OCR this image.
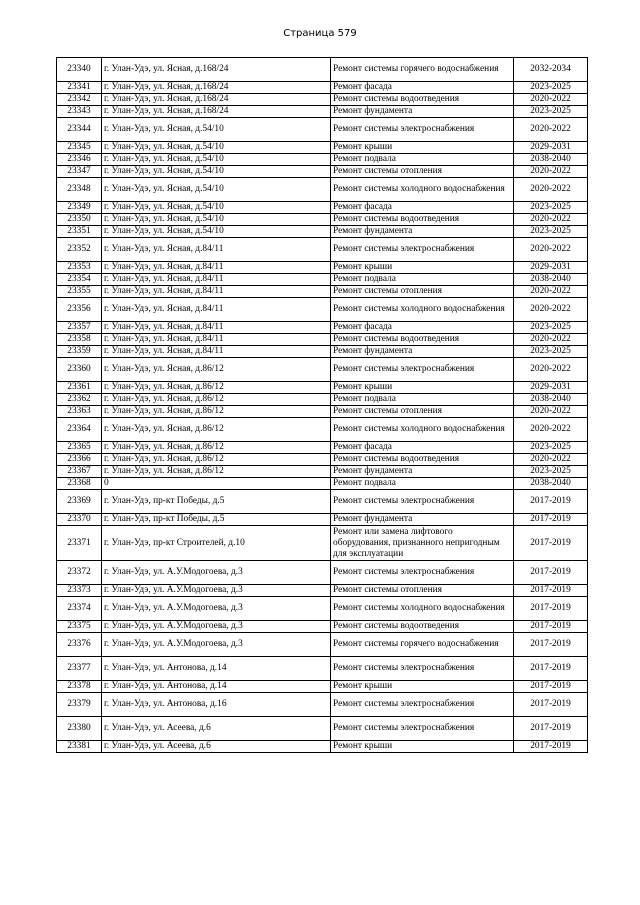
Страница 579
23340	г. Улан-Удэ, ул. Ясная, д.168/24	Ремонт системы горячего водоснабжения	2032-2034
23341	г. Улан-Удэ, ул. Ясная, д.168/24	Ремонт фасада	2023-2025
23342	г. Улан-Удэ, ул. Ясная, д.168/24	Ремонт системы водоотведения	2020-2022
23343	г. Улан-Удэ, ул. Ясная, д.168/24	Ремонт фундамента	2023-2025
23344	г. Улан-Удэ, ул. Ясная, д.54/10	Ремонт системы электроснабжения	2020-2022
23345	г. Улан-Удэ, ул. Ясная, д.54/10	Ремонт крыши	2029-2031
23346	г. Улан-Удэ, ул. Ясная, д.54/10	Ремонт подвала	2038-2040
23347	г. Улан-Удэ, ул. Ясная, д.54/10	Ремонт системы отопления	2020-2022
23348	г. Улан-Удэ, ул. Ясная, д.54/10	Ремонт системы холодного водоснабжения	2020-2022
23349	г. Улан-Удэ, ул. Ясная, д.54/10	Ремонт фасада	2023-2025
23350	г. Улан-Удэ, ул. Ясная, д.54/10	Ремонт системы водоотведения	2020-2022
23351	г. Улан-Удэ, ул. Ясная, д.54/10	Ремонт фундамента	2023-2025
23352	г. Улан-Удэ, ул. Ясная, д.84/11	Ремонт системы электроснабжения	2020-2022
23353	г. Улан-Удэ, ул. Ясная, д.84/11	Ремонт крыши	2029-2031
23354	г. Улан-Удэ, ул. Ясная, д.84/11	Ремонт подвала	2038-2040
23355	г. Улан-Удэ, ул. Ясная, д.84/11	Ремонт системы отопления	2020-2022
23356	г. Улан-Удэ, ул. Ясная, д.84/11	Ремонт системы холодного водоснабжения	2020-2022
23357	г. Улан-Удэ, ул. Ясная, д.84/11	Ремонт фасада	2023-2025
23358	г. Улан-Удэ, ул. Ясная, д.84/11	Ремонт системы водоотведения	2020-2022
23359	г. Улан-Удэ, ул. Ясная, д.84/11	Ремонт фундамента	2023-2025
23360	г. Улан-Удэ, ул. Ясная, д.86/12	Ремонт системы электроснабжения	2020-2022
23361	г. Улан-Удэ, ул. Ясная, д.86/12	Ремонт крыши	2029-2031
23362	г. Улан-Удэ, ул. Ясная, д.86/12	Ремонт подвала	2038-2040
23363	г. Улан-Удэ, ул. Ясная, д.86/12	Ремонт системы отопления	2020-2022
23364	г. Улан-Удэ, ул. Ясная, д.86/12	Ремонт системы холодного водоснабжения	2020-2022
23365	г. Улан-Удэ, ул. Ясная, д.86/12	Ремонт фасада	2023-2025
23366	г. Улан-Удэ, ул. Ясная, д.86/12	Ремонт системы водоотведения	2020-2022
23367	г. Улан-Удэ, ул. Ясная, д.86/12	Ремонт фундамента	2023-2025
23368	0	Ремонт подвала	2038-2040
23369	г. Улан-Удэ, пр-кт Победы, д.5	Ремонт системы электроснабжения	2017-2019
23370	г. Улан-Удэ, пр-кт Победы, д.5	Ремонт фундамента	2017-2019
23371	г. Улан-Удэ, пр-кт Строителей, д.10	Ремонт или замена лифтового оборудования, признанного непригодным для эксплуатации	2017-2019
23372	г. Улан-Удэ, ул. А.У.Модогоева, д.3	Ремонт системы электроснабжения	2017-2019
23373	г. Улан-Удэ, ул. А.У.Модогоева, д.3	Ремонт системы отопления	2017-2019
23374	г. Улан-Удэ, ул. А.У.Модогоева, д.3	Ремонт системы холодного водоснабжения	2017-2019
23375	г. Улан-Удэ, ул. А.У.Модогоева, д.3	Ремонт системы водоотведения	2017-2019
23376	г. Улан-Удэ, ул. А.У.Модогоева, д.3	Ремонт системы горячего водоснабжения	2017-2019
23377	г. Улан-Удэ, ул. Антонова, д.14	Ремонт системы электроснабжения	2017-2019
23378	г. Улан-Удэ, ул. Антонова, д.14	Ремонт крыши	2017-2019
23379	г. Улан-Удэ, ул. Антонова, д.16	Ремонт системы электроснабжения	2017-2019
23380	г. Улан-Удэ, ул. Асеева, д.6	Ремонт системы электроснабжения	2017-2019
23381	г. Улан-Удэ, ул. Асеева, д.6	Ремонт крыши	2017-2019
